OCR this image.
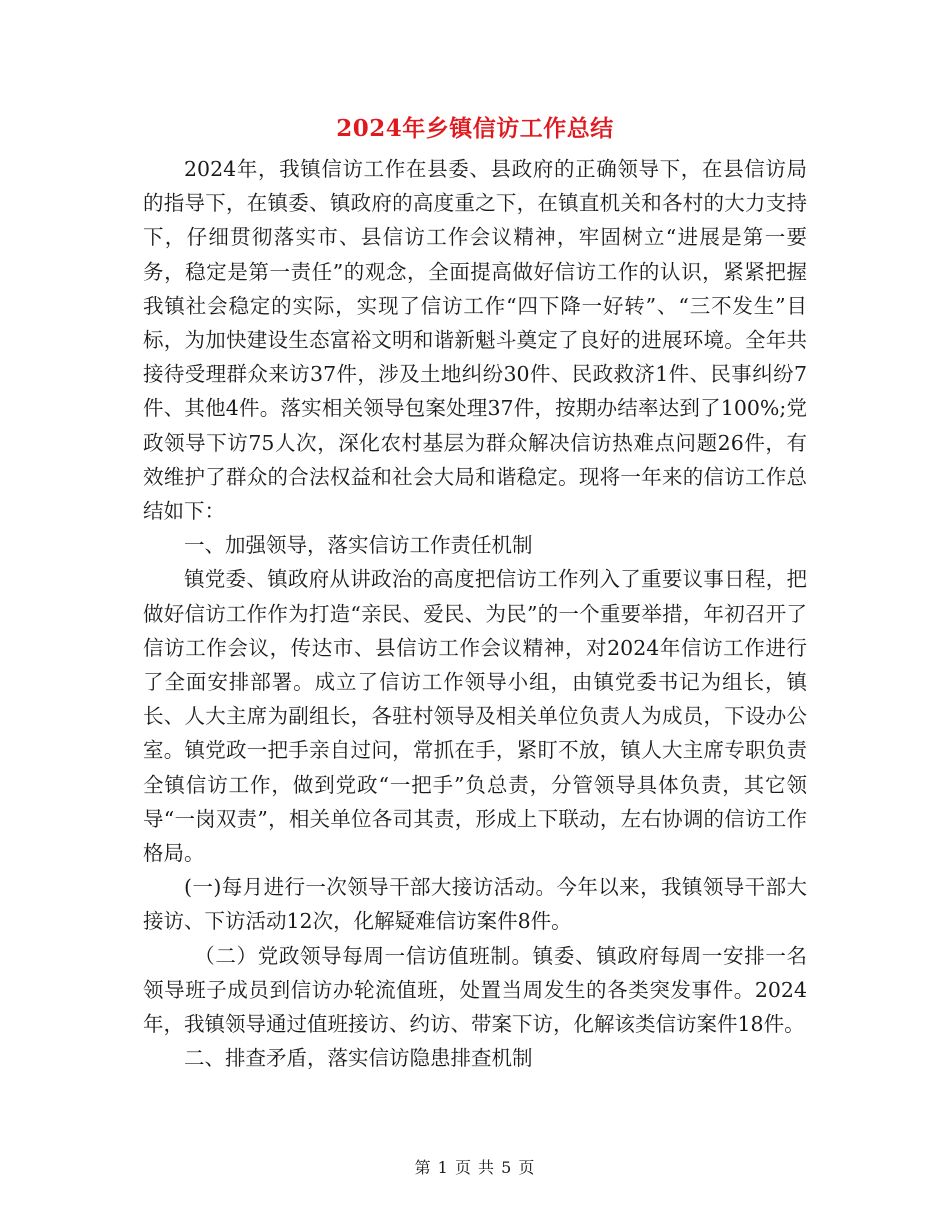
2024年乡镇信访工作总结

2024年，我镇信访工作在县委、县政府的正确领导下，在县信访局的指导下，在镇委、镇政府的高度重之下，在镇直机关和各村的大力支持下，仔细贯彻落实市、县信访工作会议精神，牢固树立“进展是第一要务，稳定是第一责任”的观念，全面提高做好信访工作的认识，紧紧把握我镇社会稳定的实际，实现了信访工作“四下降一好转”、“三不发生”目标，为加快建设生态富裕文明和谐新魁斗奠定了良好的进展环境。全年共接待受理群众来访37件，涉及土地纠纷30件、民政救济1件、民事纠纷7件、其他4件。落实相关领导包案处理37件，按期办结率达到了100%;党政领导下访75人次，深化农村基层为群众解决信访热难点问题26件，有效维护了群众的合法权益和社会大局和谐稳定。现将一年来的信访工作总结如下：

一、加强领导，落实信访工作责任机制

镇党委、镇政府从讲政治的高度把信访工作列入了重要议事日程，把做好信访工作作为打造“亲民、爱民、为民”的一个重要举措，年初召开了信访工作会议，传达市、县信访工作会议精神，对2024年信访工作进行了全面安排部署。成立了信访工作领导小组，由镇党委书记为组长，镇长、人大主席为副组长，各驻村领导及相关单位负责人为成员，下设办公室。镇党政一把手亲自过问，常抓在手，紧盯不放，镇人大主席专职负责全镇信访工作，做到党政“一把手”负总责，分管领导具体负责，其它领导“一岗双责”，相关单位各司其责，形成上下联动，左右协调的信访工作格局。

(一)每月进行一次领导干部大接访活动。今年以来，我镇领导干部大接访、下访活动12次，化解疑难信访案件8件。

（二）党政领导每周一信访值班制。镇委、镇政府每周一安排一名领导班子成员到信访办轮流值班，处置当周发生的各类突发事件。2024年，我镇领导通过值班接访、约访、带案下访，化解该类信访案件18件。

二、排查矛盾，落实信访隐患排查机制

第 1 页 共 5 页
